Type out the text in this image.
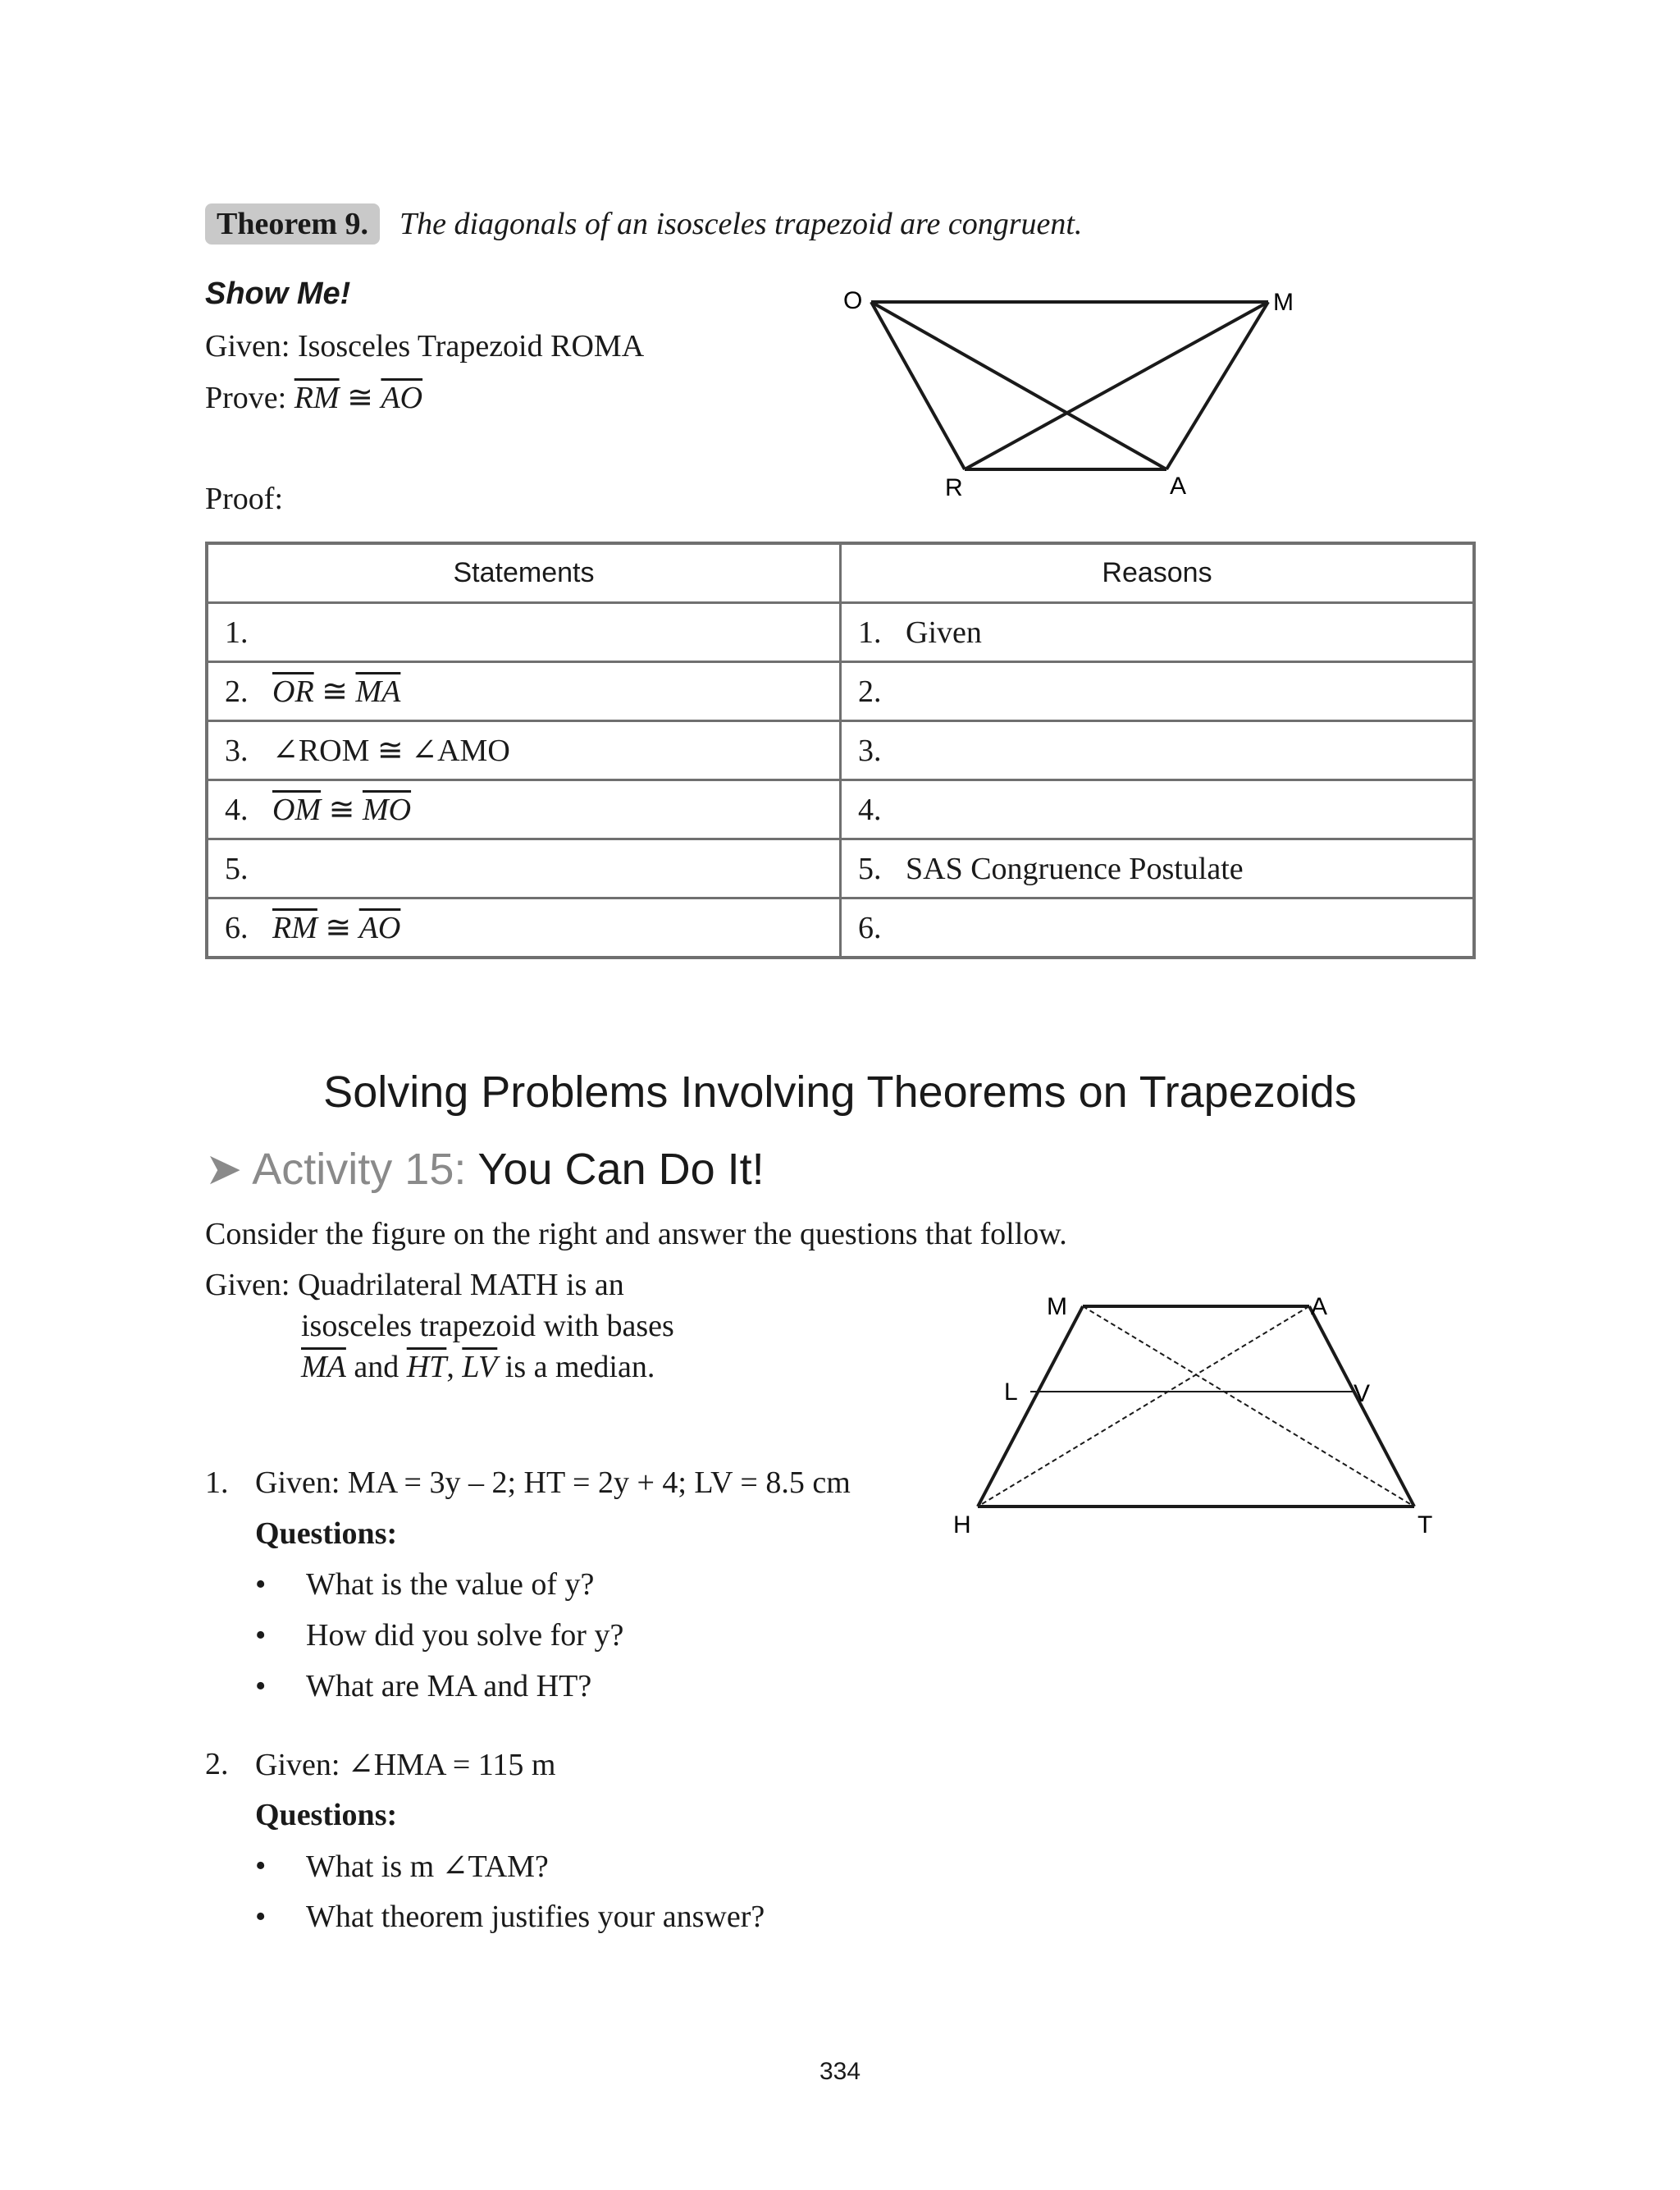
Theorem 9. The diagonals of an isosceles trapezoid are congruent.
Show Me!
Given: Isosceles Trapezoid ROMA
Prove: $\overline{RM}$ ≅ $\overline{AO}$
Proof:
O	M
R	A
Statements	Reasons
1.	1. Given
2. $\overline{OR}$ ≅ $\overline{MA}$	2.
3. ∠ROM ≅ ∠AMO	3.
4. $\overline{OM}$ ≅ $\overline{MO}$	4.
5.	5. SAS Congruence Postulate
6. $\overline{RM}$ ≅ $\overline{AO}$	6.
Solving Problems Involving Theorems on Trapezoids
➤ Activity 15: You Can Do It!
Consider the figure on the right and answer the questions that follow.
Given: Quadrilateral MATH is an
isosceles trapezoid with bases
$\overline{MA}$ and $\overline{HT}$, $\overline{LV}$ is a median.
M	A
L	V
H	T
1. Given: MA = 3y – 2; HT = 2y + 4; LV = 8.5 cm
Questions:
• What is the value of y?
• How did you solve for y?
• What are MA and HT?
2. Given: ∠HMA = 115 m
Questions:
• What is m ∠TAM?
• What theorem justifies your answer?
334
